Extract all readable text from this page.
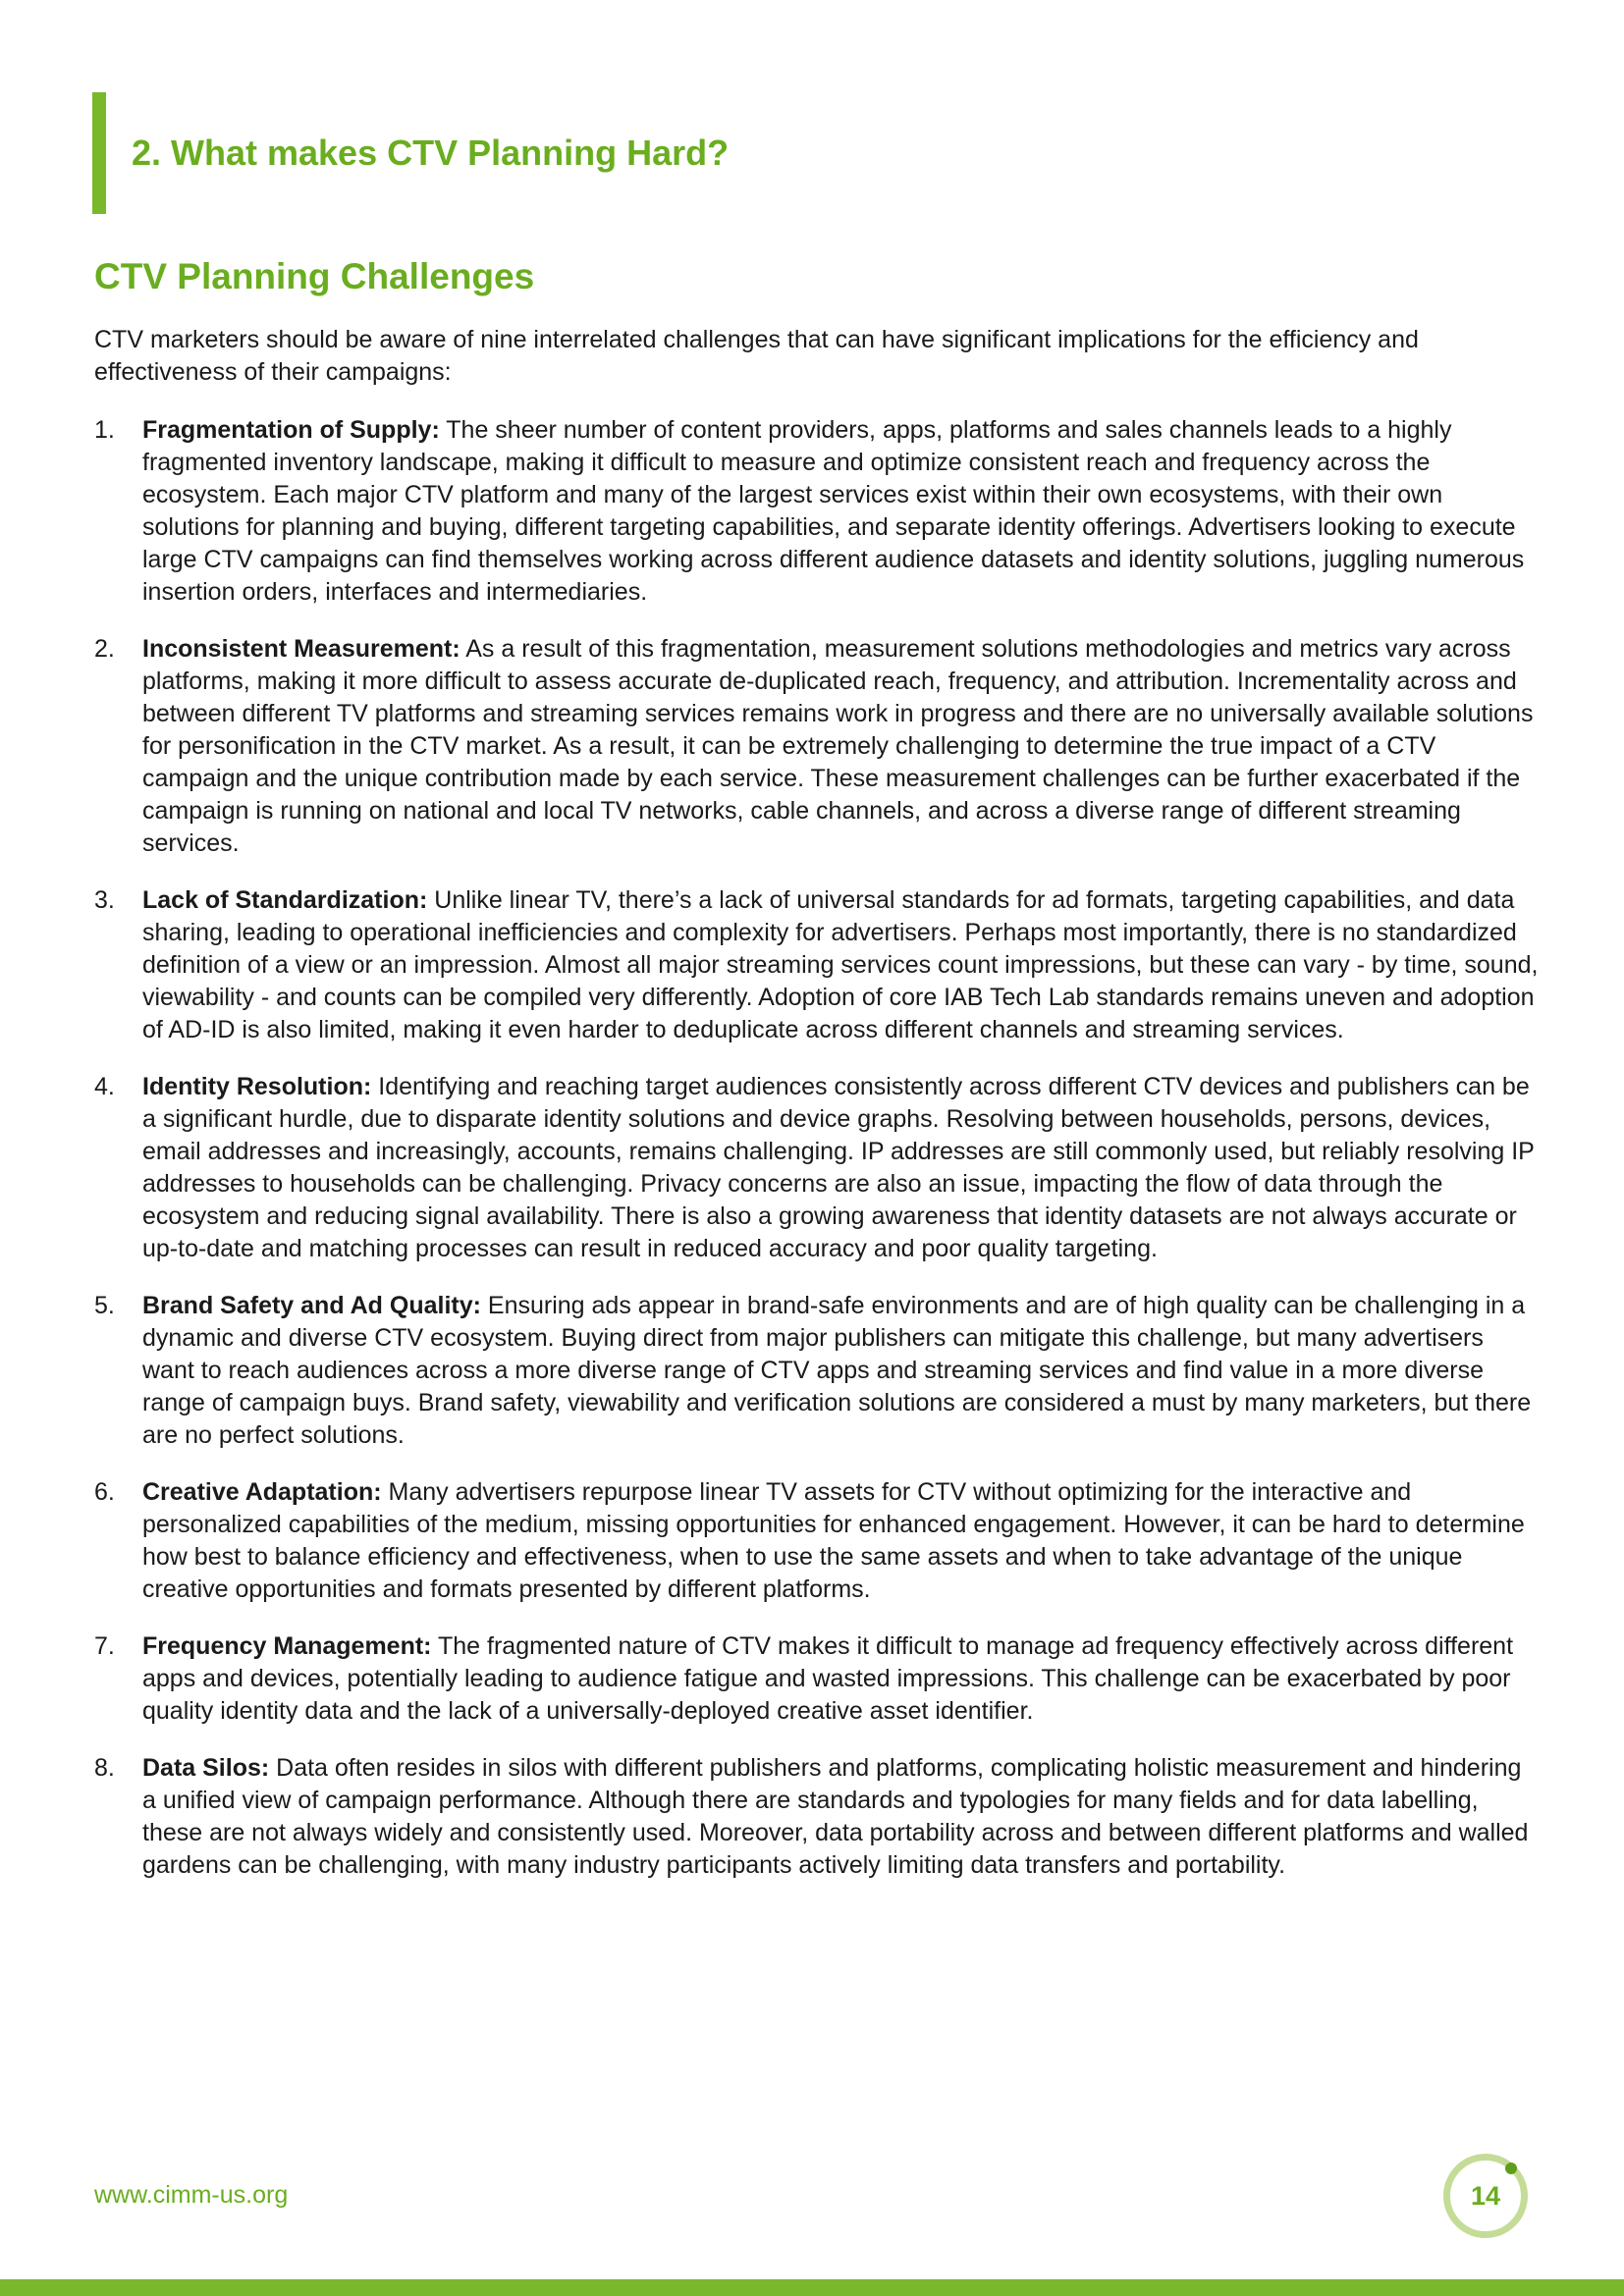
2. What makes CTV Planning Hard?
CTV Planning Challenges

CTV marketers should be aware of nine interrelated challenges that can have significant implications for the efficiency and effectiveness of their campaigns:

1. Fragmentation of Supply: The sheer number of content providers, apps, platforms and sales channels leads to a highly fragmented inventory landscape, making it difficult to measure and optimize consistent reach and frequency across the ecosystem. Each major CTV platform and many of the largest services exist within their own ecosystems, with their own solutions for planning and buying, different targeting capabilities, and separate identity offerings. Advertisers looking to execute large CTV campaigns can find themselves working across different audience datasets and identity solutions, juggling numerous insertion orders, interfaces and intermediaries.
2. Inconsistent Measurement: As a result of this fragmentation, measurement solutions methodologies and metrics vary across platforms, making it more difficult to assess accurate de-duplicated reach, frequency, and attribution. Incrementality across and between different TV platforms and streaming services remains work in progress and there are no universally available solutions for personification in the CTV market. As a result, it can be extremely challenging to determine the true impact of a CTV campaign and the unique contribution made by each service. These measurement challenges can be further exacerbated if the campaign is running on national and local TV networks, cable channels, and across a diverse range of different streaming services.
3. Lack of Standardization: Unlike linear TV, there’s a lack of universal standards for ad formats, targeting capabilities, and data sharing, leading to operational inefficiencies and complexity for advertisers. Perhaps most importantly, there is no standardized definition of a view or an impression. Almost all major streaming services count impressions, but these can vary - by time, sound, viewability - and counts can be compiled very differently. Adoption of core IAB Tech Lab standards remains uneven and adoption of AD-ID is also limited, making it even harder to deduplicate across different channels and streaming services.
4. Identity Resolution: Identifying and reaching target audiences consistently across different CTV devices and publishers can be a significant hurdle, due to disparate identity solutions and device graphs. Resolving between households, persons, devices, email addresses and increasingly, accounts, remains challenging. IP addresses are still commonly used, but reliably resolving IP addresses to households can be challenging. Privacy concerns are also an issue, impacting the flow of data through the ecosystem and reducing signal availability. There is also a growing awareness that identity datasets are not always accurate or up-to-date and matching processes can result in reduced accuracy and poor quality targeting.
5. Brand Safety and Ad Quality: Ensuring ads appear in brand-safe environments and are of high quality can be challenging in a dynamic and diverse CTV ecosystem. Buying direct from major publishers can mitigate this challenge, but many advertisers want to reach audiences across a more diverse range of CTV apps and streaming services and find value in a more diverse range of campaign buys. Brand safety, viewability and verification solutions are considered a must by many marketers, but there are no perfect solutions.
6. Creative Adaptation: Many advertisers repurpose linear TV assets for CTV without optimizing for the interactive and personalized capabilities of the medium, missing opportunities for enhanced engagement. However, it can be hard to determine how best to balance efficiency and effectiveness, when to use the same assets and when to take advantage of the unique creative opportunities and formats presented by different platforms.
7. Frequency Management: The fragmented nature of CTV makes it difficult to manage ad frequency effectively across different apps and devices, potentially leading to audience fatigue and wasted impressions. This challenge can be exacerbated by poor quality identity data and the lack of a universally-deployed creative asset identifier.
8. Data Silos: Data often resides in silos with different publishers and platforms, complicating holistic measurement and hindering a unified view of campaign performance. Although there are standards and typologies for many fields and for data labelling, these are not always widely and consistently used. Moreover, data portability across and between different platforms and walled gardens can be challenging, with many industry participants actively limiting data transfers and portability.
www.cimm-us.org	14
